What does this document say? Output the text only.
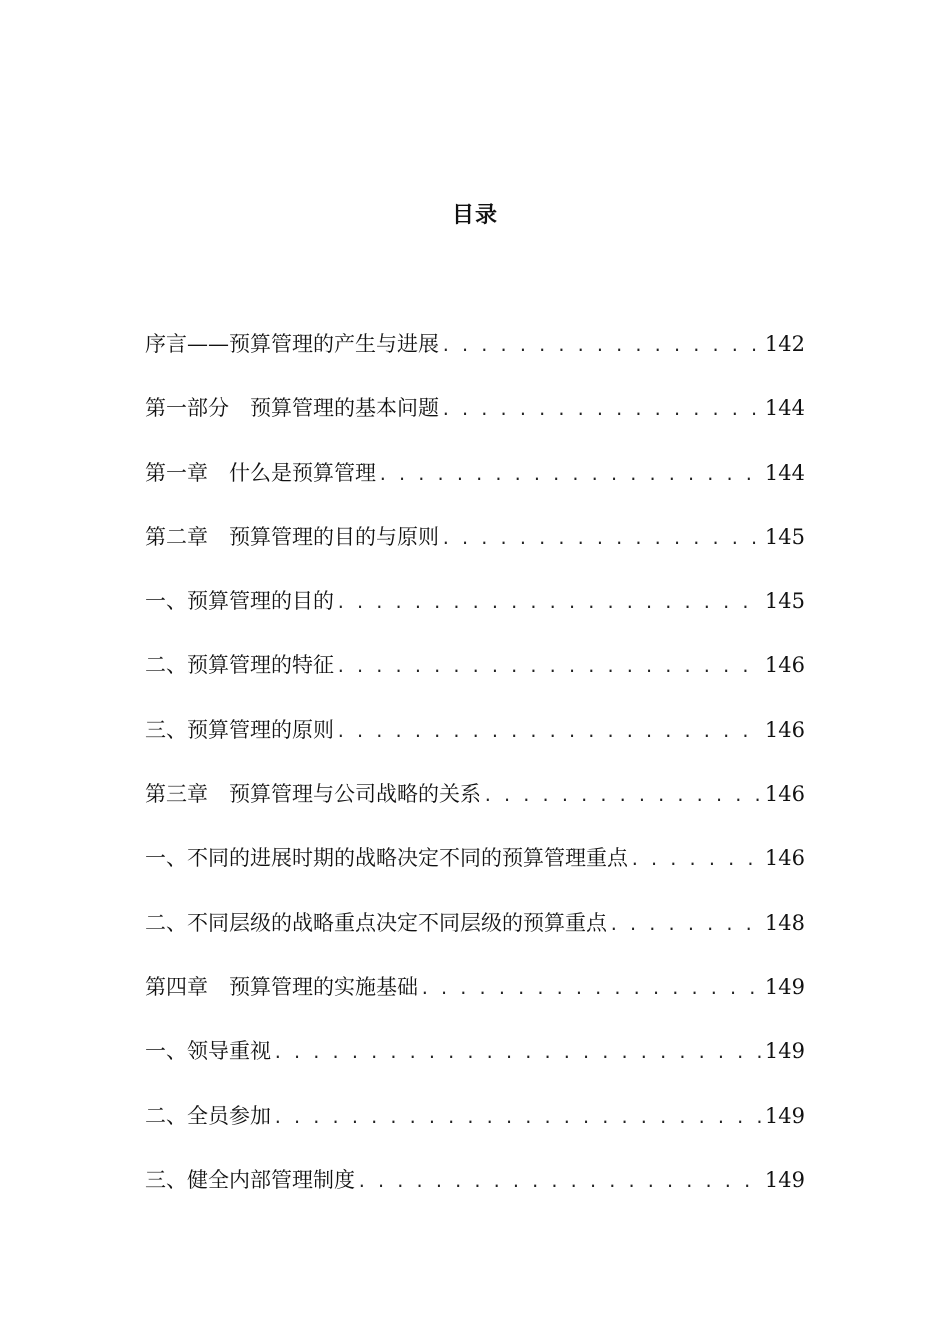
目录
序言——预算管理的产生与进展 . . .	142
第一部分　预算管理的基本问题 . . .	144
第一章　什么是预算管理 . . .	144
第二章　预算管理的目的与原则 . . .	145
一、预算管理的目的 . . .	145
二、预算管理的特征 . . .	146
三、预算管理的原则 . . .	146
第三章　预算管理与公司战略的关系 . . .	146
一、不同的进展时期的战略决定不同的预算管理重点 . . .	146
二、不同层级的战略重点决定不同层级的预算重点 . . .	148
第四章　预算管理的实施基础 . . .	149
一、领导重视 . . .	149
二、全员参加 . . .	149
三、健全内部管理制度 . . .	149
